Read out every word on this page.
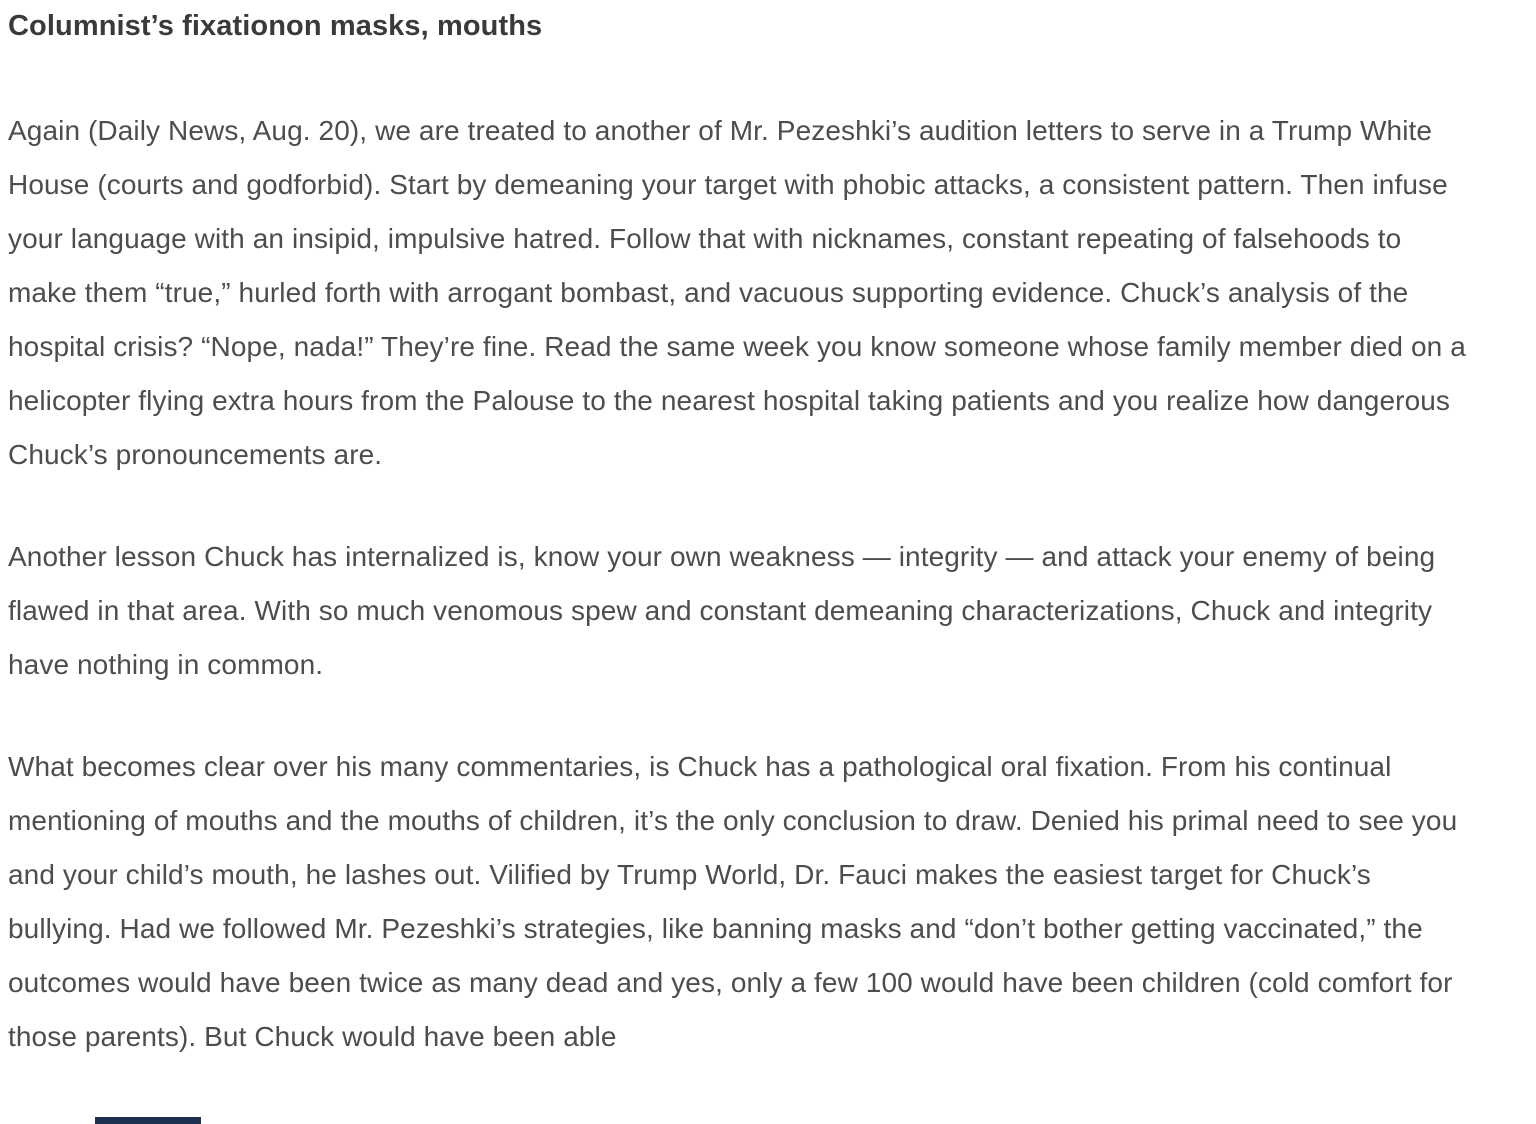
Columnist’s fixationon masks, mouths

Again (Daily News, Aug. 20), we are treated to another of Mr. Pezeshki’s audition letters to serve in a Trump White House (courts and godforbid). Start by demeaning your target with phobic attacks, a consistent pattern. Then infuse your language with an insipid, impulsive hatred. Follow that with nicknames, constant repeating of falsehoods to make them “true,” hurled forth with arrogant bombast, and vacuous supporting evidence. Chuck’s analysis of the hospital crisis? “Nope, nada!” They’re fine. Read the same week you know someone whose family member died on a helicopter flying extra hours from the Palouse to the nearest hospital taking patients and you realize how dangerous Chuck’s pronouncements are.

Another lesson Chuck has internalized is, know your own weakness — integrity — and attack your enemy of being flawed in that area. With so much venomous spew and constant demeaning characterizations, Chuck and integrity have nothing in common.

What becomes clear over his many commentaries, is Chuck has a pathological oral fixation. From his continual mentioning of mouths and the mouths of children, it’s the only conclusion to draw. Denied his primal need to see you and your child’s mouth, he lashes out. Vilified by Trump World, Dr. Fauci makes the easiest target for Chuck’s bullying. Had we followed Mr. Pezeshki’s strategies, like banning masks and “don’t bother getting vaccinated,” the outcomes would have been twice as many dead and yes, only a few 100 would have been children (cold comfort for those parents). But Chuck would have been able
